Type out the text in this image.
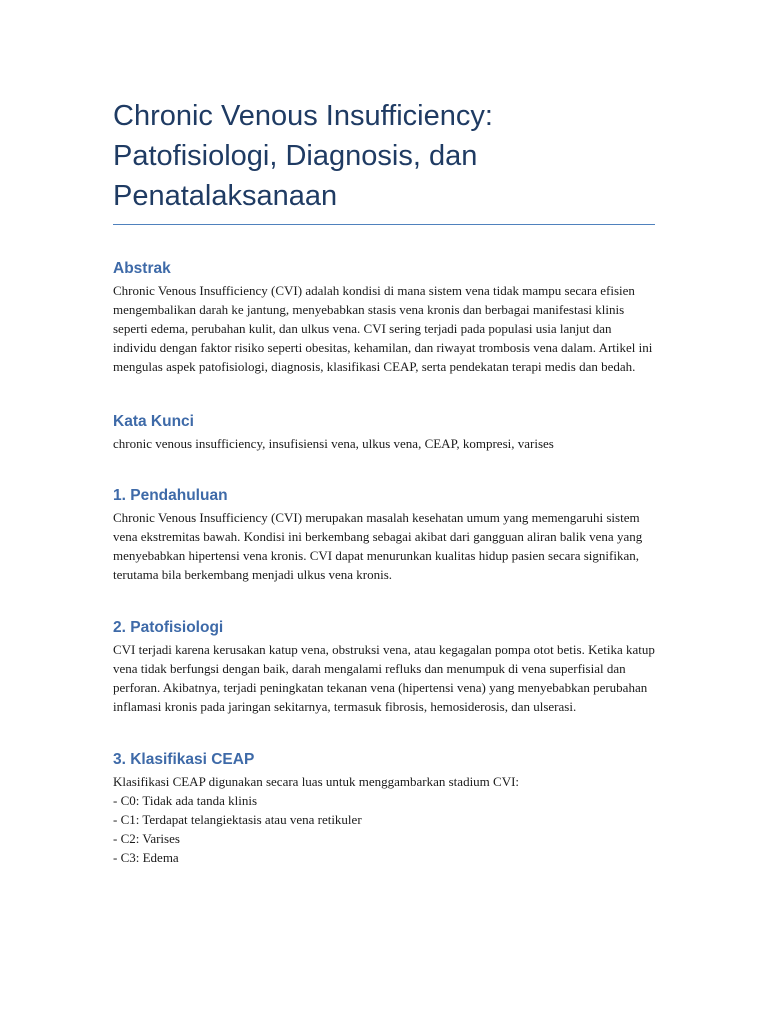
Chronic Venous Insufficiency: Patofisiologi, Diagnosis, dan Penatalaksanaan
Abstrak

Chronic Venous Insufficiency (CVI) adalah kondisi di mana sistem vena tidak mampu secara efisien mengembalikan darah ke jantung, menyebabkan stasis vena kronis dan berbagai manifestasi klinis seperti edema, perubahan kulit, dan ulkus vena. CVI sering terjadi pada populasi usia lanjut dan individu dengan faktor risiko seperti obesitas, kehamilan, dan riwayat trombosis vena dalam. Artikel ini mengulas aspek patofisiologi, diagnosis, klasifikasi CEAP, serta pendekatan terapi medis dan bedah.

Kata Kunci

chronic venous insufficiency, insufisiensi vena, ulkus vena, CEAP, kompresi, varises

1. Pendahuluan

Chronic Venous Insufficiency (CVI) merupakan masalah kesehatan umum yang memengaruhi sistem vena ekstremitas bawah. Kondisi ini berkembang sebagai akibat dari gangguan aliran balik vena yang menyebabkan hipertensi vena kronis. CVI dapat menurunkan kualitas hidup pasien secara signifikan, terutama bila berkembang menjadi ulkus vena kronis.

2. Patofisiologi

CVI terjadi karena kerusakan katup vena, obstruksi vena, atau kegagalan pompa otot betis. Ketika katup vena tidak berfungsi dengan baik, darah mengalami refluks dan menumpuk di vena superfisial dan perforan. Akibatnya, terjadi peningkatan tekanan vena (hipertensi vena) yang menyebabkan perubahan inflamasi kronis pada jaringan sekitarnya, termasuk fibrosis, hemosiderosis, dan ulserasi.

3. Klasifikasi CEAP

Klasifikasi CEAP digunakan secara luas untuk menggambarkan stadium CVI:

- C0: Tidak ada tanda klinis
- C1: Terdapat telangiektasis atau vena retikuler
- C2: Varises
- C3: Edema
